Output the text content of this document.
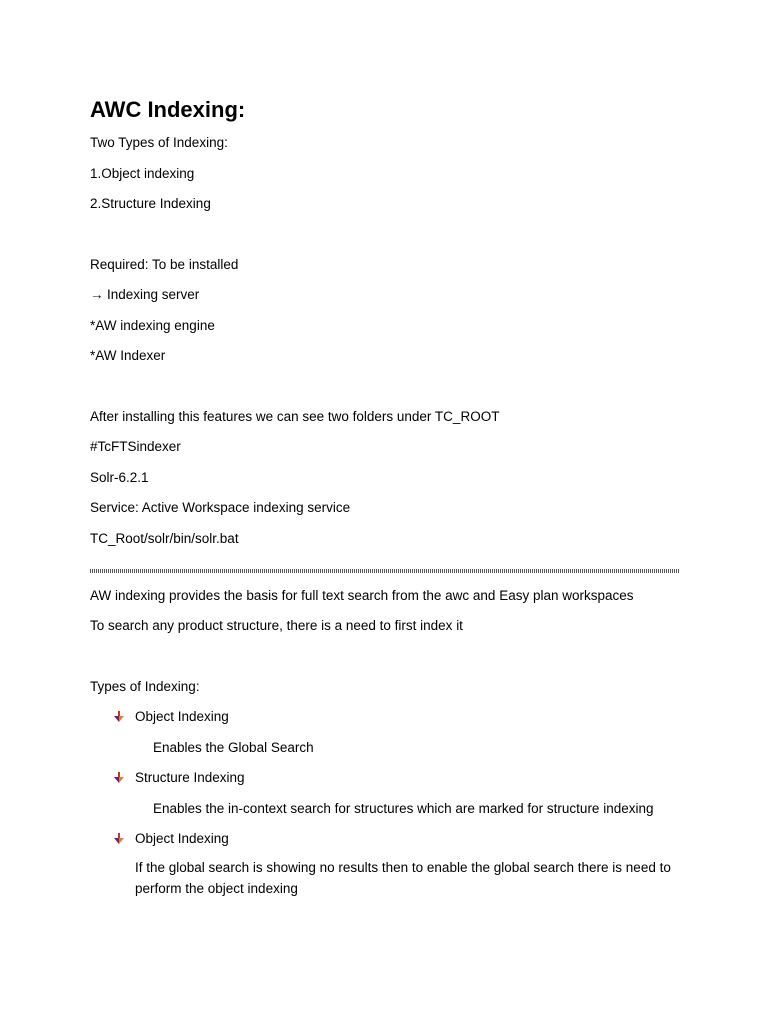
AWC Indexing:

Two Types of Indexing:

1.Object indexing

2.Structure Indexing

Required: To be installed

→ Indexing server

*AW indexing engine

*AW Indexer

After installing this features we can see two folders under TC_ROOT

#TcFTSindexer

Solr-6.2.1

Service: Active Workspace indexing service

TC_Root/solr/bin/solr.bat

AW indexing provides the basis for full text search from the awc and Easy plan workspaces

To search any product structure, there is a need to first index it

Types of Indexing:

Object Indexing

Enables the Global Search

Structure Indexing

Enables the in-context search for structures which are marked for structure indexing

Object Indexing

If the global search is showing no results then to enable the global search there is need to perform the object indexing
